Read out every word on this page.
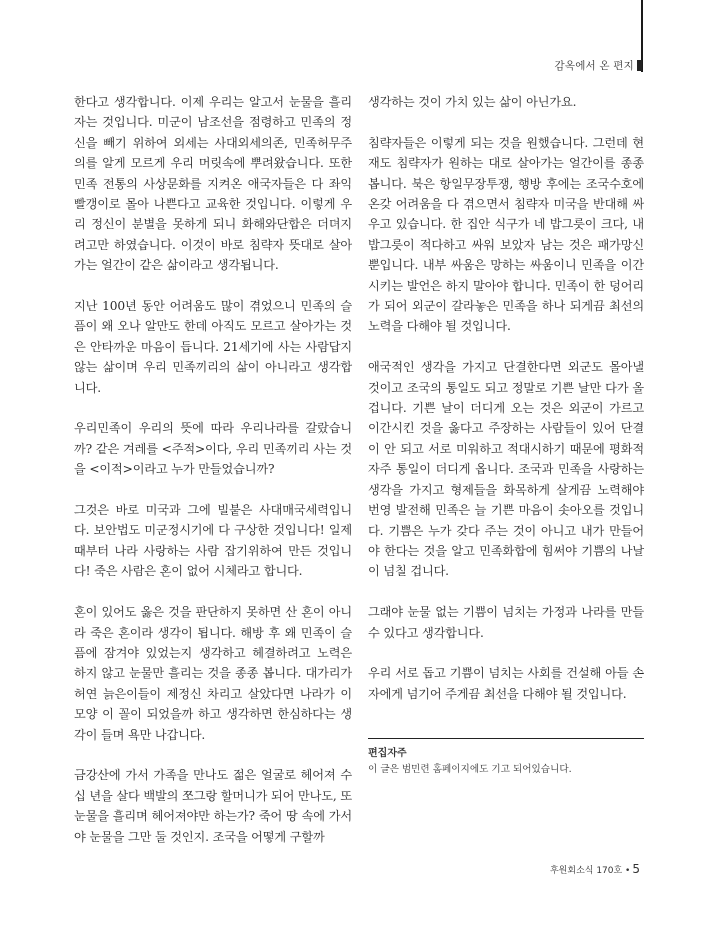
감옥에서 온 편지

한다고 생각합니다. 이제 우리는 알고서 눈물을 흘리자는 것입니다. 미군이 남조선을 점령하고 민족의 정신을 빼기 위하여 외세는 사대외세의존, 민족허무주의를 알게 모르게 우리 머릿속에 뿌려왔습니다. 또한 민족 전통의 사상문화를 지켜온 애국자들은 다 좌익 빨갱이로 몰아 나쁜다고 교육한 것입니다. 이렇게 우리 정신이 분별을 못하게 되니 화해와단합은 더뎌지려고만 하였습니다. 이것이 바로 침략자 뜻대로 살아가는 얼간이 같은 삶이라고 생각됩니다.

지난 100년 동안 어려움도 많이 겪었으니 민족의 슬픔이 왜 오나 알만도 한데 아직도 모르고 살아가는 것은 안타까운 마음이 듭니다. 21세기에 사는 사람답지 않는 삶이며 우리 민족끼리의 삶이 아니라고 생각합니다.

우리민족이 우리의 뜻에 따라 우리나라를 갈랐습니까? 같은 겨레를 <주적>이다, 우리 민족끼리 사는 것을 <이적>이라고 누가 만들었습니까?

그것은 바로 미국과 그에 빌붙은 사대매국세력입니다. 보안법도 미군정시기에 다 구상한 것입니다! 일제때부터 나라 사랑하는 사람 잡기위하여 만든 것입니다! 죽은 사람은 혼이 없어 시체라고 합니다.

혼이 있어도 옳은 것을 판단하지 못하면 산 혼이 아니라 죽은 혼이라 생각이 됩니다. 해방 후 왜 민족이 슬픔에 잠겨야 있었는지 생각하고 헤결하려고 노력은 하지 않고 눈물만 흘리는 것을 종종 봅니다. 대가리가 허연 늙은이들이 제정신 차리고 살았다면 나라가 이 모양 이 꼴이 되었을까 하고 생각하면 한심하다는 생각이 들며 욕만 나갑니다.

금강산에 가서 가족을 만나도 젊은 얼굴로 헤어져 수십 년을 살다 백발의 쪼그랑 할머니가 되어 만나도, 또 눈물을 흘리며 헤어져야만 하는가? 죽어 땅 속에 가서야 눈물을 그만 둘 것인지. 조국을 어떻게 구할까

생각하는 것이 가치 있는 삶이 아닌가요.

침략자들은 이렇게 되는 것을 원했습니다. 그런데 현재도 침략자가 원하는 대로 살아가는 얼간이를 종종 봅니다. 북은 항일무장투쟁, 행방 후에는 조국수호에 온갖 어려움을 다 겪으면서 침략자 미국을 반대해 싸우고 있습니다. 한 집안 식구가 네 밥그릇이 크다, 내 밥그릇이 적다하고 싸워 보았자 남는 것은 패가망신뿐입니다. 내부 싸움은 망하는 싸움이니 민족을 이간시키는 발언은 하지 말아야 합니다. 민족이 한 덩어리가 되어 외군이 갈라놓은 민족을 하나 되게끔 최선의 노력을 다해야 될 것입니다.

애국적인 생각을 가지고 단결한다면 외군도 몰아낼 것이고 조국의 통일도 되고 정말로 기쁜 날만 다가 올 겁니다. 기쁜 날이 더디게 오는 것은 외군이 가르고 이간시킨 것을 옳다고 주장하는 사람들이 있어 단결이 안 되고 서로 미워하고 적대시하기 때문에 평화적 자주 통일이 더디게 옵니다. 조국과 민족을 사랑하는 생각을 가지고 형제들을 화목하게 살게끔 노력해야 번영 발전해 민족은 늘 기쁜 마음이 솟아오를 것입니다. 기쁨은 누가 갖다 주는 것이 아니고 내가 만들어야 한다는 것을 알고 민족화합에 힘써야 기쁨의 나날이 넘칠 겁니다.

그래야 눈물 없는 기쁨이 넘치는 가정과 나라를 만들 수 있다고 생각합니다.

우리 서로 돕고 기쁨이 넘치는 사회를 건설해 아들 손자에게 넘기어 주게끔 최선을 다해야 될 것입니다.

편집자주
이 글은 범민련 홈페이지에도 기고 되어있습니다.
후원회소식 170호 • 5
